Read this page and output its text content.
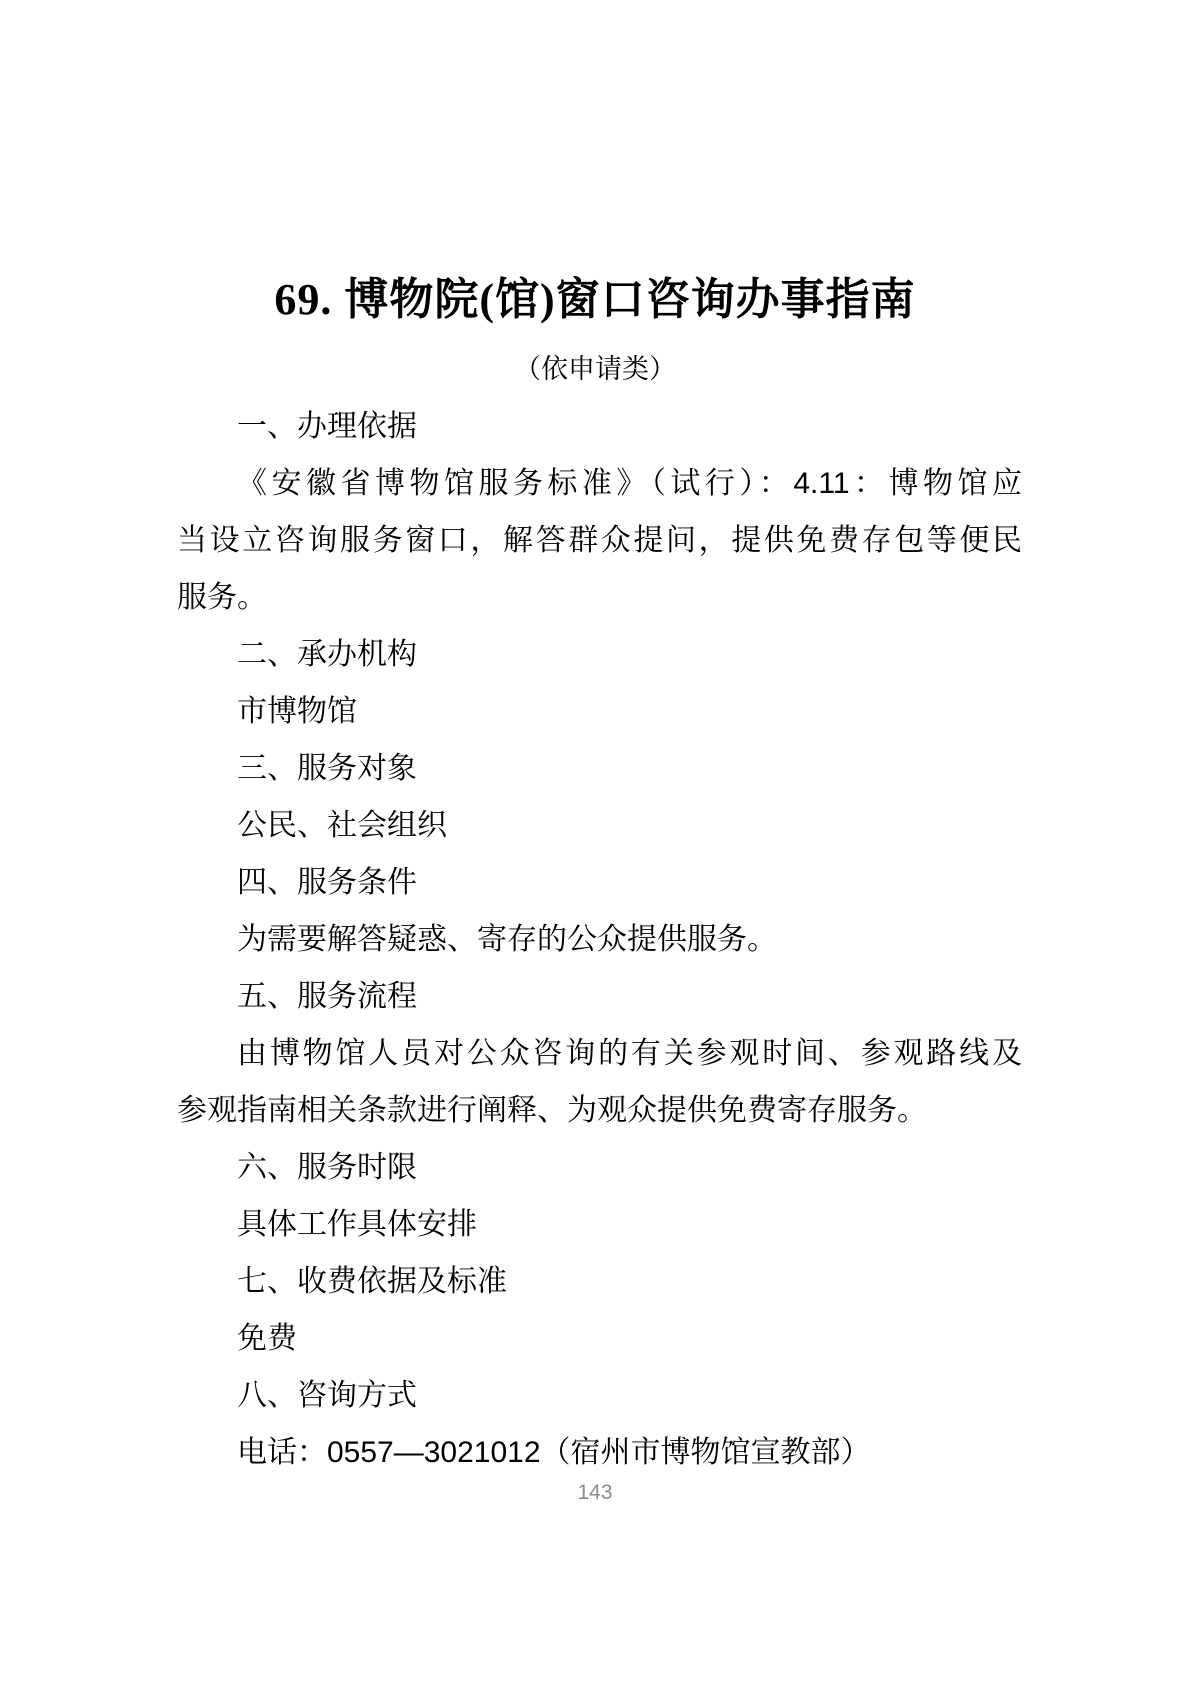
69. 博物院(馆)窗口咨询办事指南
（依申请类）

一、办理依据

《安徽省博物馆服务标准》（试行）：4.11：博物馆应

当设立咨询服务窗口，解答群众提问，提供免费存包等便民

服务。

二、承办机构

市博物馆

三、服务对象

公民、社会组织

四、服务条件

为需要解答疑惑、寄存的公众提供服务。

五、服务流程

由博物馆人员对公众咨询的有关参观时间、参观路线及

参观指南相关条款进行阐释、为观众提供免费寄存服务。

六、服务时限

具体工作具体安排

七、收费依据及标准

免费

八、咨询方式

电话：0557—3021012（宿州市博物馆宣教部）

143
